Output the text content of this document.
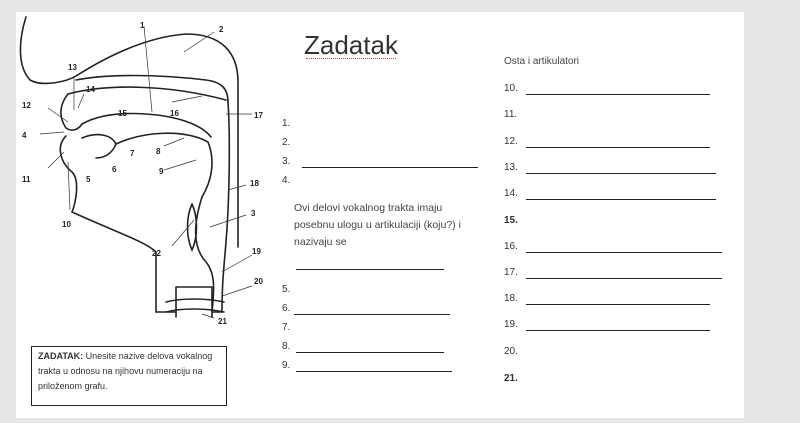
1	2
3
4
5
6
7	8
9
10
11
12
13
14
15	16	17
18
19
20
21
22
ZADATAK: Unesite nazive delova vokalnog trakta u odnosu na njihovu numeraciju na priloženom grafu.
Zadatak
1.
2.
3.
4.
Ovi delovi vokalnog trakta imaju posebnu ulogu u artikulaciji (koju?) i nazivaju se
5.
6.
7.
8.
9.
Osta i artikulatori
10.
11.
12.
13.
14.
15.
16.
17.
18.
19.
20.
21.
